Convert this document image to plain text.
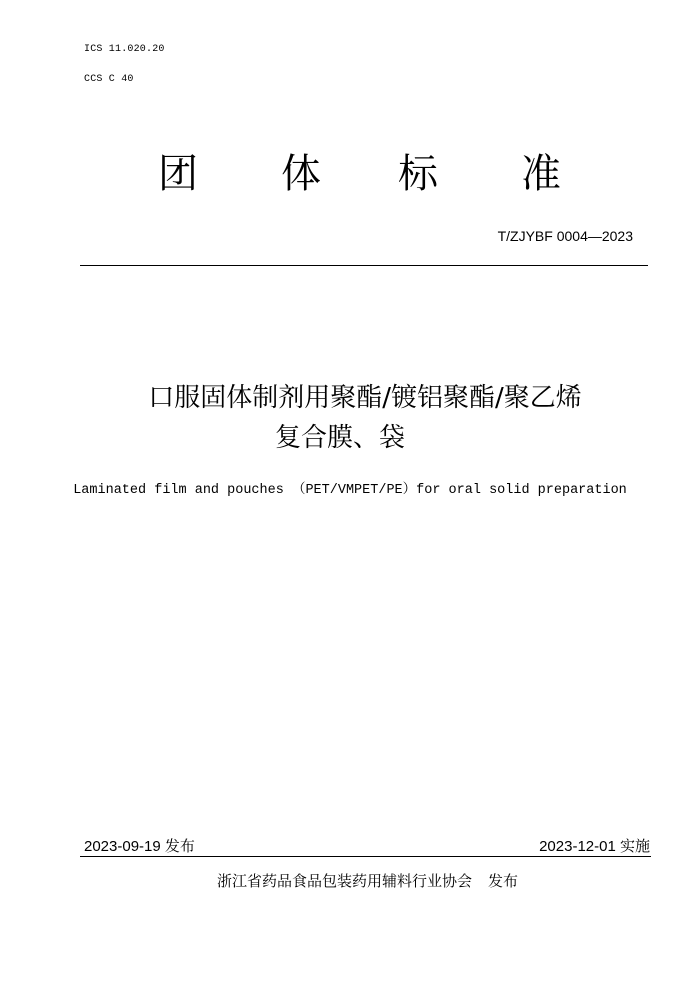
ICS 11.020.20
CCS C 40
团 体 标 准
T/ZJYBF 0004—2023
口服固体制剂用聚酯/镀铝聚酯/聚乙烯
复合膜、袋
Laminated film and pouches （PET/VMPET/PE）for oral solid preparation
2023-09-19 发布	2023-12-01 实施
浙江省药品食品包装药用辅料行业协会 发布
